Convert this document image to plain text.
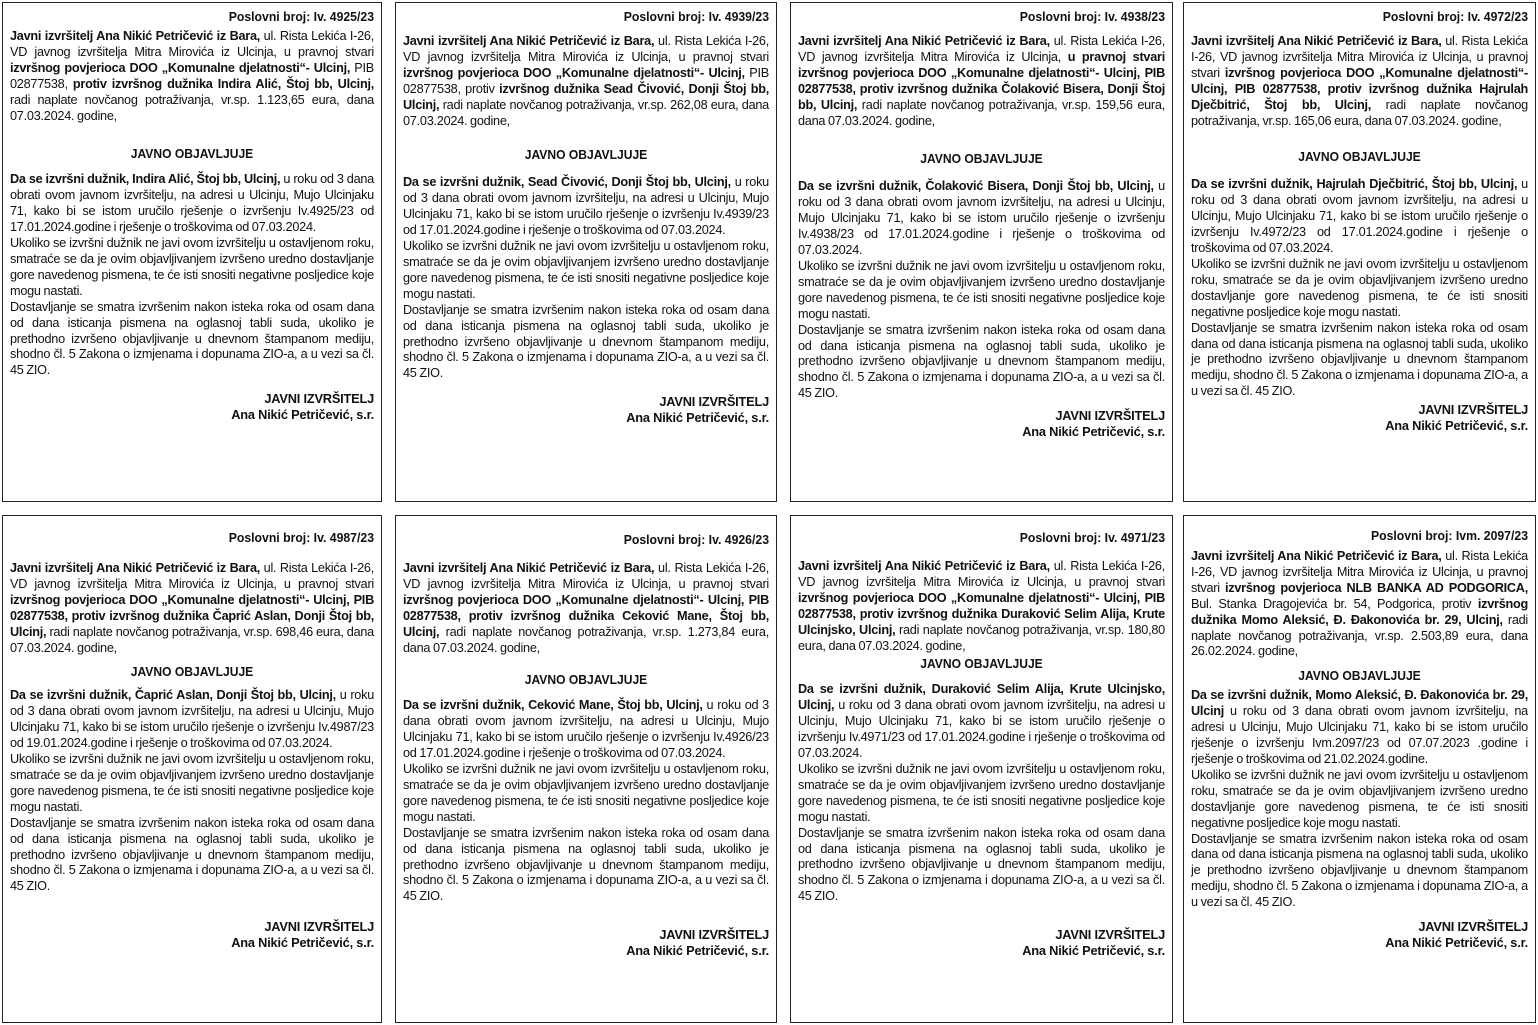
Poslovni broj: Iv. 4925/23

Javni izvršitelj Ana Nikić Petričević iz Bara, ul. Rista Lekića I-26, VD javnog izvršitelja Mitra Mirovića iz Ulcinja, u pravnoj stvari izvršnog povjerioca DOO „Komunalne djelatnosti“- Ulcinj, PIB 02877538, protiv izvršnog dužnika Indira Alić, Štoj bb, Ulcinj, radi naplate novčanog potraživanja, vr.sp. 1.123,65 eura, dana 07.03.2024. godine,

JAVNO OBJAVLJUJE

Da se izvršni dužnik, Indira Alić, Štoj bb, Ulcinj, u roku od 3 dana obrati ovom javnom izvršitelju, na adresi u Ulcinju, Mujo Ulcinjaku 71, kako bi se istom uručilo rješenje o izvršenju Iv.4925/23 od 17.01.2024.godine i rješenje o troškovima od 07.03.2024.

Ukoliko se izvršni dužnik ne javi ovom izvršitelju u ostavljenom roku, smatraće se da je ovim objavljivanjem izvršeno uredno dostavljanje gore navedenog pismena, te će isti snositi negativne posljedice koje mogu nastati.

Dostavljanje se smatra izvršenim nakon isteka roka od osam dana od dana isticanja pismena na oglasnoj tabli suda, ukoliko je prethodno izvršeno objavljivanje u dnevnom štampanom mediju, shodno čl. 5 Zakona o izmjenama i dopunama ZIO-a, a u vezi sa čl. 45 ZIO.

JAVNI IZVRŠITELJ
Ana Nikić Petričević, s.r.
Poslovni broj: Iv. 4939/23

Javni izvršitelj Ana Nikić Petričević iz Bara, ul. Rista Lekića I-26, VD javnog izvršitelja Mitra Mirovića iz Ulcinja, u pravnoj stvari izvršnog povjerioca DOO „Komunalne djelatnosti“- Ulcinj, PIB 02877538, protiv izvršnog dužnika Sead Čivović, Donji Štoj bb, Ulcinj, radi naplate novčanog potraživanja, vr.sp. 262,08 eura, dana 07.03.2024. godine,

JAVNO OBJAVLJUJE

Da se izvršni dužnik, Sead Čivović, Donji Štoj bb, Ulcinj, u roku od 3 dana obrati ovom javnom izvršitelju, na adresi u Ulcinju, Mujo Ulcinjaku 71, kako bi se istom uručilo rješenje o izvršenju Iv.4939/23 od 17.01.2024.godine i rješenje o troškovima od 07.03.2024.

Ukoliko se izvršni dužnik ne javi ovom izvršitelju u ostavljenom roku, smatraće se da je ovim objavljivanjem izvršeno uredno dostavljanje gore navedenog pismena, te će isti snositi negativne posljedice koje mogu nastati.

Dostavljanje se smatra izvršenim nakon isteka roka od osam dana od dana isticanja pismena na oglasnoj tabli suda, ukoliko je prethodno izvršeno objavljivanje u dnevnom štampanom mediju, shodno čl. 5 Zakona o izmjenama i dopunama ZIO-a, a u vezi sa čl. 45 ZIO.

JAVNI IZVRŠITELJ
Ana Nikić Petričević, s.r.
Poslovni broj: Iv. 4938/23

Javni izvršitelj Ana Nikić Petričević iz Bara, ul. Rista Lekića I-26, VD javnog izvršitelja Mitra Mirovića iz Ulcinja, u pravnoj stvari izvršnog povjerioca DOO „Komunalne djelatnosti“- Ulcinj, PIB 02877538, protiv izvršnog dužnika Čolaković Bisera, Donji Štoj bb, Ulcinj, radi naplate novčanog potraživanja, vr.sp. 159,56 eura, dana 07.03.2024. godine,

JAVNO OBJAVLJUJE

Da se izvršni dužnik, Čolaković Bisera, Donji Štoj bb, Ulcinj, u roku od 3 dana obrati ovom javnom izvršitelju, na adresi u Ulcinju, Mujo Ulcinjaku 71, kako bi se istom uručilo rješenje o izvršenju Iv.4938/23 od 17.01.2024.godine i rješenje o troškovima od 07.03.2024.

Ukoliko se izvršni dužnik ne javi ovom izvršitelju u ostavljenom roku, smatraće se da je ovim objavljivanjem izvršeno uredno dostavljanje gore navedenog pismena, te će isti snositi negativne posljedice koje mogu nastati.

Dostavljanje se smatra izvršenim nakon isteka roka od osam dana od dana isticanja pismena na oglasnoj tabli suda, ukoliko je prethodno izvršeno objavljivanje u dnevnom štampanom mediju, shodno čl. 5 Zakona o izmjenama i dopunama ZIO-a, a u vezi sa čl. 45 ZIO.

JAVNI IZVRŠITELJ
Ana Nikić Petričević, s.r.
Poslovni broj: Iv. 4972/23

Javni izvršitelj Ana Nikić Petričević iz Bara, ul. Rista Lekića I-26, VD javnog izvršitelja Mitra Mirovića iz Ulcinja, u pravnoj stvari izvršnog povjerioca DOO „Komunalne djelatnosti“- Ulcinj, PIB 02877538, protiv izvršnog dužnika Hajrulah Dječbitrić, Štoj bb, Ulcinj, radi naplate novčanog potraživanja, vr.sp. 165,06 eura, dana 07.03.2024. godine,

JAVNO OBJAVLJUJE

Da se izvršni dužnik, Hajrulah Dječbitrić, Štoj bb, Ulcinj, u roku od 3 dana obrati ovom javnom izvršitelju, na adresi u Ulcinju, Mujo Ulcinjaku 71, kako bi se istom uručilo rješenje o izvršenju Iv.4972/23 od 17.01.2024.godine i rješenje o troškovima od 07.03.2024.

Ukoliko se izvršni dužnik ne javi ovom izvršitelju u ostavljenom roku, smatraće se da je ovim objavljivanjem izvršeno uredno dostavljanje gore navedenog pismena, te će isti snositi negativne posljedice koje mogu nastati.

Dostavljanje se smatra izvršenim nakon isteka roka od osam dana od dana isticanja pismena na oglasnoj tabli suda, ukoliko je prethodno izvršeno objavljivanje u dnevnom štampanom mediju, shodno čl. 5 Zakona o izmjenama i dopunama ZIO-a, a u vezi sa čl. 45 ZIO.

JAVNI IZVRŠITELJ
Ana Nikić Petričević, s.r.
Poslovni broj: Iv. 4987/23

Javni izvršitelj Ana Nikić Petričević iz Bara, ul. Rista Lekića I-26, VD javnog izvršitelja Mitra Mirovića iz Ulcinja, u pravnoj stvari izvršnog povjerioca DOO „Komunalne djelatnosti“- Ulcinj, PIB 02877538, protiv izvršnog dužnika Čaprić Aslan, Donji Štoj bb, Ulcinj, radi naplate novčanog potraživanja, vr.sp. 698,46 eura, dana 07.03.2024. godine,

JAVNO OBJAVLJUJE

Da se izvršni dužnik, Čaprić Aslan, Donji Štoj bb, Ulcinj, u roku od 3 dana obrati ovom javnom izvršitelju, na adresi u Ulcinju, Mujo Ulcinjaku 71, kako bi se istom uručilo rješenje o izvršenju Iv.4987/23 od 19.01.2024.godine i rješenje o troškovima od 07.03.2024.

Ukoliko se izvršni dužnik ne javi ovom izvršitelju u ostavljenom roku, smatraće se da je ovim objavljivanjem izvršeno uredno dostavljanje gore navedenog pismena, te će isti snositi negativne posljedice koje mogu nastati.

Dostavljanje se smatra izvršenim nakon isteka roka od osam dana od dana isticanja pismena na oglasnoj tabli suda, ukoliko je prethodno izvršeno objavljivanje u dnevnom štampanom mediju, shodno čl. 5 Zakona o izmjenama i dopunama ZIO-a, a u vezi sa čl. 45 ZIO.

JAVNI IZVRŠITELJ
Ana Nikić Petričević, s.r.
Poslovni broj: Iv. 4926/23

Javni izvršitelj Ana Nikić Petričević iz Bara, ul. Rista Lekića I-26, VD javnog izvršitelja Mitra Mirovića iz Ulcinja, u pravnoj stvari izvršnog povjerioca DOO „Komunalne djelatnosti“- Ulcinj, PIB 02877538, protiv izvršnog dužnika Ceković Mane, Štoj bb, Ulcinj, radi naplate novčanog potraživanja, vr.sp. 1.273,84 eura, dana 07.03.2024. godine,

JAVNO OBJAVLJUJE

Da se izvršni dužnik, Ceković Mane, Štoj bb, Ulcinj, u roku od 3 dana obrati ovom javnom izvršitelju, na adresi u Ulcinju, Mujo Ulcinjaku 71, kako bi se istom uručilo rješenje o izvršenju Iv.4926/23 od 17.01.2024.godine i rješenje o troškovima od 07.03.2024.

Ukoliko se izvršni dužnik ne javi ovom izvršitelju u ostavljenom roku, smatraće se da je ovim objavljivanjem izvršeno uredno dostavljanje gore navedenog pismena, te će isti snositi negativne posljedice koje mogu nastati.

Dostavljanje se smatra izvršenim nakon isteka roka od osam dana od dana isticanja pismena na oglasnoj tabli suda, ukoliko je prethodno izvršeno objavljivanje u dnevnom štampanom mediju, shodno čl. 5 Zakona o izmjenama i dopunama ZIO-a, a u vezi sa čl. 45 ZIO.

JAVNI IZVRŠITELJ
Ana Nikić Petričević, s.r.
Poslovni broj: Iv. 4971/23

Javni izvršitelj Ana Nikić Petričević iz Bara, ul. Rista Lekića I-26, VD javnog izvršitelja Mitra Mirovića iz Ulcinja, u pravnoj stvari izvršnog povjerioca DOO „Komunalne djelatnosti“- Ulcinj, PIB 02877538, protiv izvršnog dužnika Duraković Selim Alija, Krute Ulcinjsko, Ulcinj, radi naplate novčanog potraživanja, vr.sp. 180,80 eura, dana 07.03.2024. godine,

JAVNO OBJAVLJUJE

Da se izvršni dužnik, Duraković Selim Alija, Krute Ulcinjsko, Ulcinj, u roku od 3 dana obrati ovom javnom izvršitelju, na adresi u Ulcinju, Mujo Ulcinjaku 71, kako bi se istom uručilo rješenje o izvršenju Iv.4971/23 od 17.01.2024.godine i rješenje o troškovima od 07.03.2024.

Ukoliko se izvršni dužnik ne javi ovom izvršitelju u ostavljenom roku, smatraće se da je ovim objavljivanjem izvršeno uredno dostavljanje gore navedenog pismena, te će isti snositi negativne posljedice koje mogu nastati.

Dostavljanje se smatra izvršenim nakon isteka roka od osam dana od dana isticanja pismena na oglasnoj tabli suda, ukoliko je prethodno izvršeno objavljivanje u dnevnom štampanom mediju, shodno čl. 5 Zakona o izmjenama i dopunama ZIO-a, a u vezi sa čl. 45 ZIO.

JAVNI IZVRŠITELJ
Ana Nikić Petričević, s.r.
Poslovni broj: Ivm. 2097/23

Javni izvršitelj Ana Nikić Petričević iz Bara, ul. Rista Lekića I-26, VD javnog izvršitelja Mitra Mirovića iz Ulcinja, u pravnoj stvari izvršnog povjerioca NLB BANKA AD PODGORICA, Bul. Stanka Dragojevića br. 54, Podgorica, protiv izvršnog dužnika Momo Aleksić, Đ. Đakonovića br. 29, Ulcinj, radi naplate novčanog potraživanja, vr.sp. 2.503,89 eura, dana 26.02.2024. godine,

JAVNO OBJAVLJUJE

Da se izvršni dužnik, Momo Aleksić, Đ. Đakonovića br. 29, Ulcinj u roku od 3 dana obrati ovom javnom izvršitelju, na adresi u Ulcinju, Mujo Ulcinjaku 71, kako bi se istom uručilo rješenje o izvršenju Ivm.2097/23 od 07.07.2023 .godine i rješenje o troškovima od 21.02.2024.godine.

Ukoliko se izvršni dužnik ne javi ovom izvršitelju u ostavljenom roku, smatraće se da je ovim objavljivanjem izvršeno uredno dostavljanje gore navedenog pismena, te će isti snositi negativne posljedice koje mogu nastati.

Dostavljanje se smatra izvršenim nakon isteka roka od osam dana od dana isticanja pismena na oglasnoj tabli suda, ukoliko je prethodno izvršeno objavljivanje u dnevnom štampanom mediju, shodno čl. 5 Zakona o izmjenama i dopunama ZIO-a, a u vezi sa čl. 45 ZIO.

JAVNI IZVRŠITELJ
Ana Nikić Petričević, s.r.
